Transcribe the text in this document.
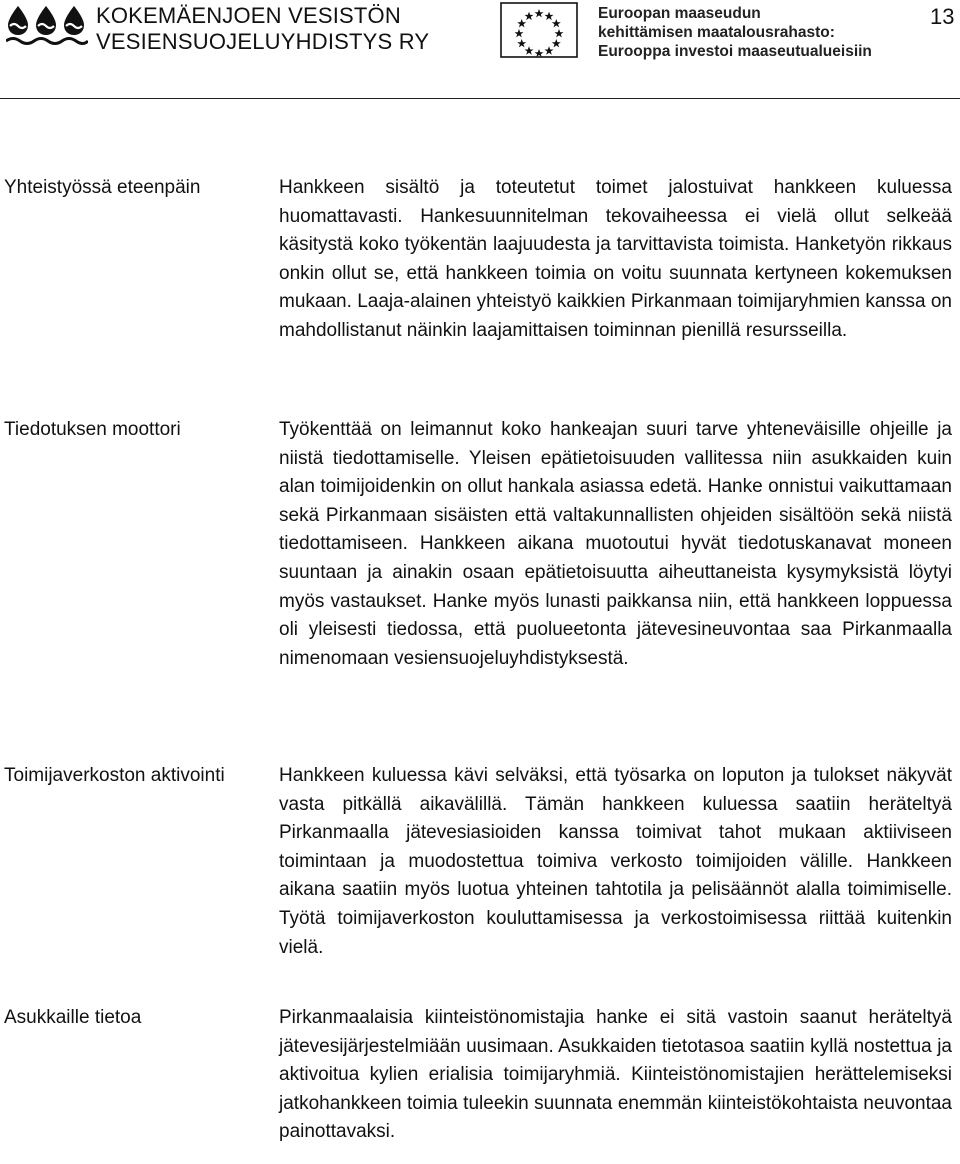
KOKEMÄENJOEN VESISTÖN
VESIENSUOJELUYHDISTYS RY
Euroopan maaseudun
kehittämisen maatalousrahasto:
Eurooppa investoi maaseutualueisiin
13
Yhteistyössä eteenpäin	Hankkeen sisältö ja toteutetut toimet jalostuivat hankkeen kuluessa huomattavasti. Hankesuunnitelman tekovaiheessa ei vielä ollut selkeää käsitystä koko työkentän laajuudesta ja tarvittavista toimista. Hanketyön rikkaus onkin ollut se, että hankkeen toimia on voitu suunnata kertyneen kokemuksen mukaan. Laaja-alainen yhteistyö kaikkien Pirkanmaan toimijaryhmien kanssa on mahdollistanut näinkin laajamittaisen toiminnan pienillä resursseilla.

Tiedotuksen moottori	Työkenttää on leimannut koko hankeajan suuri tarve yhteneväisille ohjeille ja niistä tiedottamiselle. Yleisen epätietoisuuden vallitessa niin asukkaiden kuin alan toimijoidenkin on ollut hankala asiassa edetä. Hanke onnistui vaikuttamaan sekä Pirkanmaan sisäisten että valtakunnallisten ohjeiden sisältöön sekä niistä tiedottamiseen. Hankkeen aikana muotoutui hyvät tiedotuskanavat moneen suuntaan ja ainakin osaan epätietoisuutta aiheuttaneista kysymyksistä löytyi myös vastaukset. Hanke myös lunasti paikkansa niin, että hankkeen loppuessa oli yleisesti tiedossa, että puolueetonta jätevesineuvontaa saa Pirkanmaalla nimenomaan vesiensuojeluyhdistyksestä.

Toimijaverkoston aktivointi	Hankkeen kuluessa kävi selväksi, että työsarka on loputon ja tulokset näkyvät vasta pitkällä aikavälillä. Tämän hankkeen kuluessa saatiin heräteltyä Pirkanmaalla jätevesiasioiden kanssa toimivat tahot mukaan aktiiviseen toimintaan ja muodostettua toimiva verkosto toimijoiden välille. Hankkeen aikana saatiin myös luotua yhteinen tahtotila ja pelisäännöt alalla toimimiselle. Työtä toimijaverkoston kouluttamisessa ja verkostoimisessa riittää kuitenkin vielä.

Asukkaille tietoa	Pirkanmaalaisia kiinteistönomistajia hanke ei sitä vastoin saanut heräteltyä jätevesijärjestelmiään uusimaan. Asukkaiden tietotasoa saatiin kyllä nostettua ja aktivoitua kylien erialisia toimijaryhmiä. Kiinteistönomistajien herättelemiseksi jatkohankkeen toimia tuleekin suunnata enemmän kiinteistökohtaista neuvontaa painottavaksi.
